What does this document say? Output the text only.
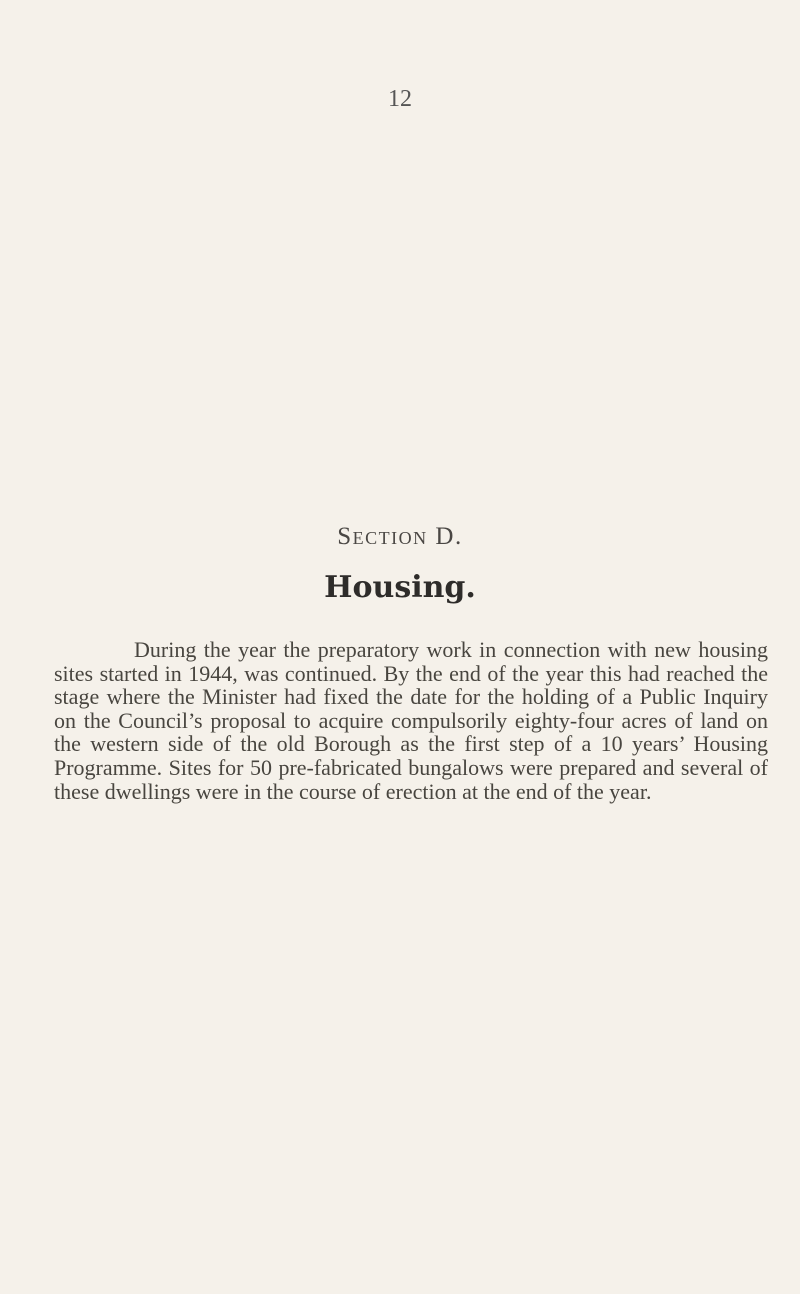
12
Section D.
Housing.

During the year the preparatory work in connection with new housing sites started in 1944, was continued. By the end of the year this had reached the stage where the Minister had fixed the date for the holding of a Public Inquiry on the Council’s proposal to acquire compulsorily eighty-four acres of land on the western side of the old Borough as the first step of a 10 years’ Housing Programme. Sites for 50 pre-fabricated bungalows were prepared and several of these dwellings were in the course of erection at the end of the year.
